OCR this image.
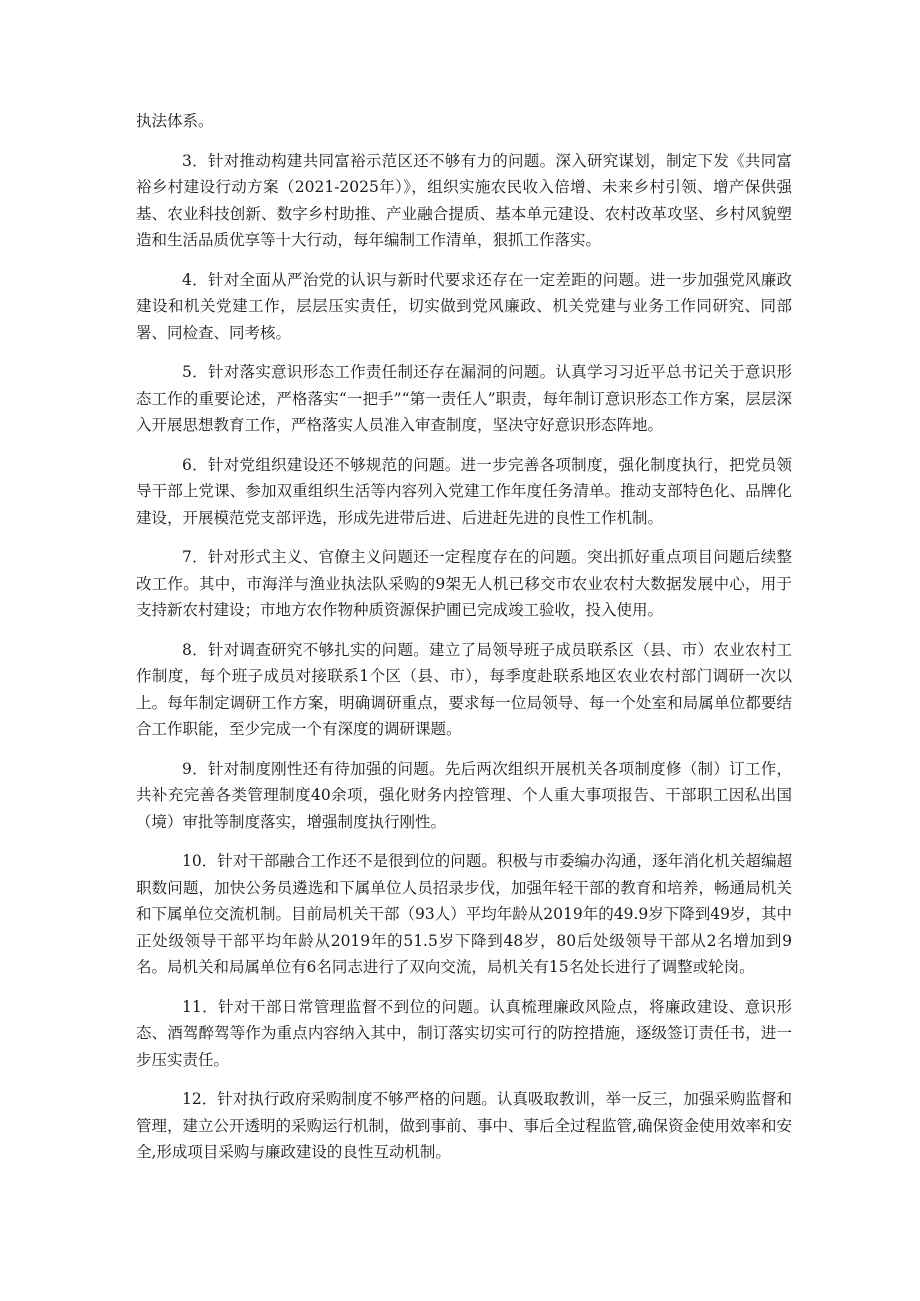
执法体系。

3．针对推动构建共同富裕示范区还不够有力的问题。深入研究谋划，制定下发《共同富裕乡村建设行动方案（2021-2025年）》，组织实施农民收入倍增、未来乡村引领、增产保供强基、农业科技创新、数字乡村助推、产业融合提质、基本单元建设、农村改革攻坚、乡村风貌塑造和生活品质优享等十大行动，每年编制工作清单，狠抓工作落实。

4．针对全面从严治党的认识与新时代要求还存在一定差距的问题。进一步加强党风廉政建设和机关党建工作，层层压实责任，切实做到党风廉政、机关党建与业务工作同研究、同部署、同检查、同考核。

5．针对落实意识形态工作责任制还存在漏洞的问题。认真学习习近平总书记关于意识形态工作的重要论述，严格落实“一把手”“第一责任人”职责，每年制订意识形态工作方案，层层深入开展思想教育工作，严格落实人员准入审查制度，坚决守好意识形态阵地。

6．针对党组织建设还不够规范的问题。进一步完善各项制度，强化制度执行，把党员领导干部上党课、参加双重组织生活等内容列入党建工作年度任务清单。推动支部特色化、品牌化建设，开展模范党支部评选，形成先进带后进、后进赶先进的良性工作机制。

7．针对形式主义、官僚主义问题还一定程度存在的问题。突出抓好重点项目问题后续整改工作。其中，市海洋与渔业执法队采购的9架无人机已移交市农业农村大数据发展中心，用于支持新农村建设；市地方农作物种质资源保护圃已完成竣工验收，投入使用。

8．针对调查研究不够扎实的问题。建立了局领导班子成员联系区（县、市）农业农村工作制度，每个班子成员对接联系1个区（县、市），每季度赴联系地区农业农村部门调研一次以上。每年制定调研工作方案，明确调研重点，要求每一位局领导、每一个处室和局属单位都要结合工作职能，至少完成一个有深度的调研课题。

9．针对制度刚性还有待加强的问题。先后两次组织开展机关各项制度修（制）订工作，共补充完善各类管理制度40余项，强化财务内控管理、个人重大事项报告、干部职工因私出国（境）审批等制度落实，增强制度执行刚性。

10．针对干部融合工作还不是很到位的问题。积极与市委编办沟通，逐年消化机关超编超职数问题，加快公务员遴选和下属单位人员招录步伐，加强年轻干部的教育和培养，畅通局机关和下属单位交流机制。目前局机关干部（93人）平均年龄从2019年的49.9岁下降到49岁，其中正处级领导干部平均年龄从2019年的51.5岁下降到48岁，80后处级领导干部从2名增加到9名。局机关和局属单位有6名同志进行了双向交流，局机关有15名处长进行了调整或轮岗。

11．针对干部日常管理监督不到位的问题。认真梳理廉政风险点，将廉政建设、意识形态、酒驾醉驾等作为重点内容纳入其中，制订落实切实可行的防控措施，逐级签订责任书，进一步压实责任。

12．针对执行政府采购制度不够严格的问题。认真吸取教训，举一反三，加强采购监督和管理，建立公开透明的采购运行机制，做到事前、事中、事后全过程监管,确保资金使用效率和安全,形成项目采购与廉政建设的良性互动机制。
